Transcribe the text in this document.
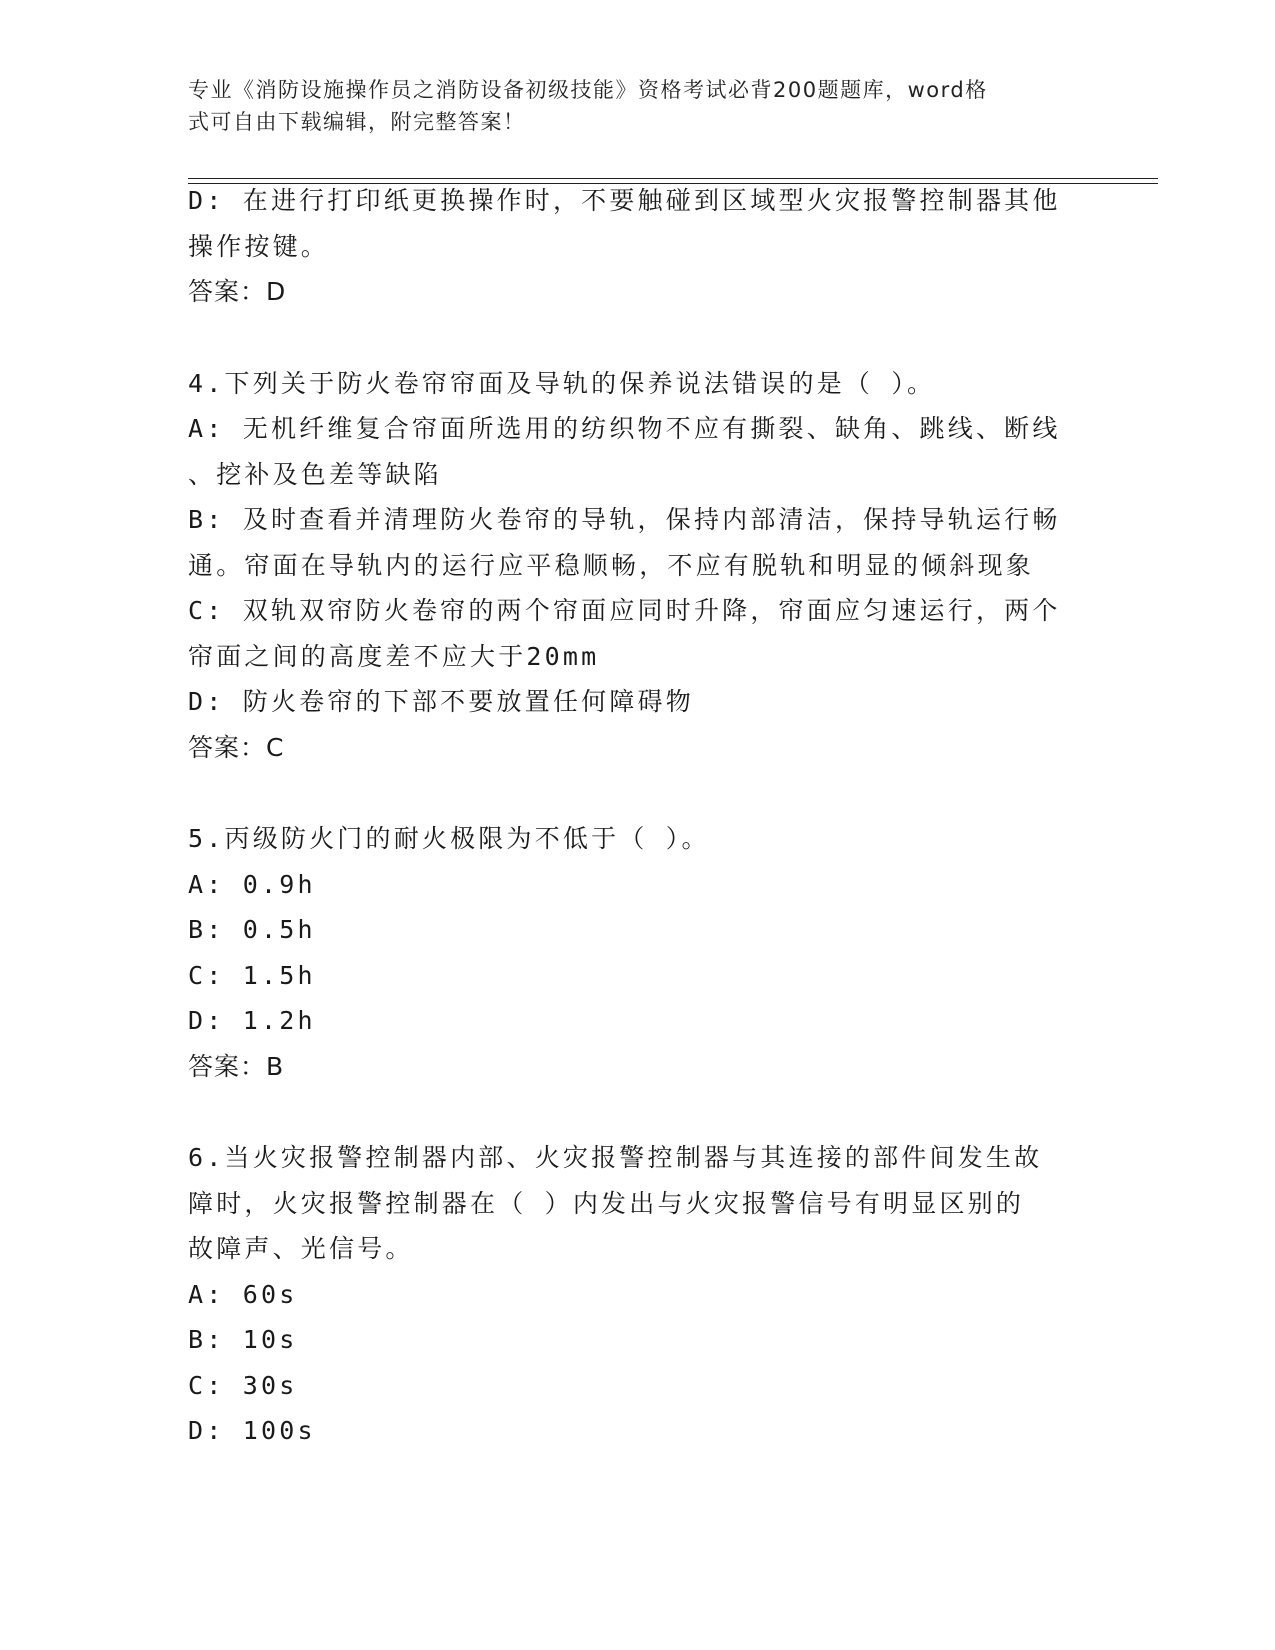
专业《消防设施操作员之消防设备初级技能》资格考试必背200题题库，word格
式可自由下载编辑，附完整答案！
D: 在进行打印纸更换操作时，不要触碰到区域型火灾报警控制器其他
操作按键。
答案：D
4.下列关于防火卷帘帘面及导轨的保养说法错误的是（ ）。
A: 无机纤维复合帘面所选用的纺织物不应有撕裂、缺角、跳线、断线
、挖补及色差等缺陷
B: 及时查看并清理防火卷帘的导轨，保持内部清洁，保持导轨运行畅
通。帘面在导轨内的运行应平稳顺畅，不应有脱轨和明显的倾斜现象
C: 双轨双帘防火卷帘的两个帘面应同时升降，帘面应匀速运行，两个
帘面之间的高度差不应大于20mm
D: 防火卷帘的下部不要放置任何障碍物
答案：C
5.丙级防火门的耐火极限为不低于（ ）。
A: 0.9h
B: 0.5h
C: 1.5h
D: 1.2h
答案：B
6.当火灾报警控制器内部、火灾报警控制器与其连接的部件间发生故
障时，火灾报警控制器在（ ）内发出与火灾报警信号有明显区别的
故障声、光信号。
A: 60s
B: 10s
C: 30s
D: 100s
